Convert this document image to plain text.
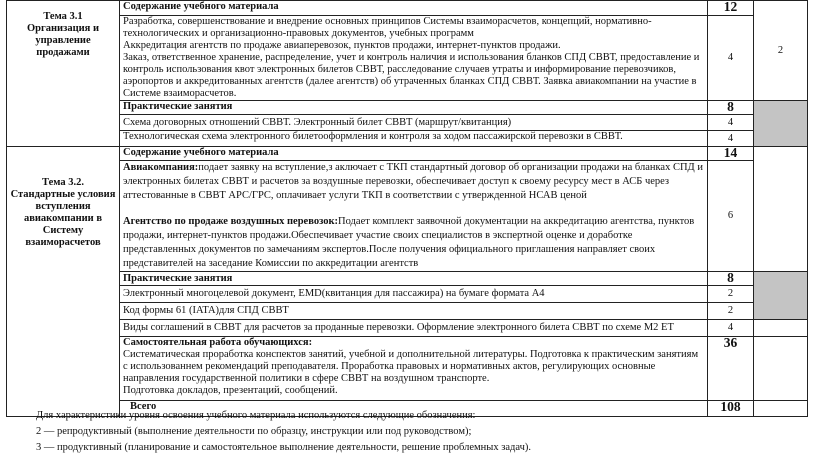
Тема 3.1
Организация и управление продажами	Содержание учебного материала	12	2

	Разработка, совершенствование и внедрение основных принципов Системы взаиморасчетов, концепций, нормативно-технологических и организационно-правовых документов, учебных программ
Аккредитация агентств по продаже авиаперевозок, пунктов продажи, интернет-пунктов продажи.
Заказ, ответственное хранение, распределение, учет и контроль наличия и использования бланков СПД СВВТ, предоставление и контроль использования квот электронных билетов СВВТ, расследование случаев утраты и информирование перевозчиков, аэропортов и аккредитованных агентств (далее агентств) об утраченных бланках СПД СВВТ. Заявка авиакомпании на участие в Системе взаиморасчетов.	4	
	Практические занятия	8	
	Схема договорных отношений СВВТ. Электронный билет СВВТ (маршрут/квитанция)	4	
	Технологическая схема электронного билетооформления и контроля за ходом пассажирской перевозки в СВВТ.	4	

Тема 3.2.
Стандартные условия вступления авиакомпании в Систему взаиморасчетов	Содержание учебного материала	14	

	Авиакомпания:подает заявку на вступление,з аключает с ТКП стандартный договор об организации продажи на бланках СПД и электронных билетах СВВТ и расчетов за воздушные перевозки, обеспечивает доступ к своему ресурсу мест в АСБ через аттестованные в СВВТ АРС/ГРС, оплачивает услуги ТКП в соответствии с утвержденной НСАВ ценой
Агентство по продаже воздушных перевозок:Подает комплект заявочной документации на аккредитацию агентства, пунктов продажи, интернет-пунктов продажи.Обеспечивает участие своих специалистов в экспертной оценке и доработке представленных документов по замечаниям экспертов.После получения официального приглашения направляет своих представителей на заседание Комиссии по аккредитации агентств	6	
	Практические занятия	8	
	Электронный многоцелевой документ, EMD(квитанция для пассажира) на бумаге формата А4	2	
	Код формы 61 (IATA)для СПД СВВТ	2	
	Виды соглашений в СВВТ для расчетов за проданные перевозки. Оформление электронного билета СВВТ по схеме М2 ЕТ	4	

	Самостоятельная работа обучающихся:
Систематическая проработка конспектов занятий, учебной и дополнительной литературы. Подготовка к практическим занятиям с использованнем рекомендаций преподавателя. Проработка правовых и нормативных актов, регулирующих основные направления государственной политики в сфере СВВТ на воздушном транспорте.
Подготовка докладов, презентаций, сообщений.	36	
	Всего	108	
Для характеристики уровня освоения учебного материала используются следующие обозначения:
2 — репродуктивный (выполнение деятельности по образцу, инструкции или под руководством);
3 — продуктивный (планирование и самостоятельное выполнение деятельности, решение проблемных задач).
